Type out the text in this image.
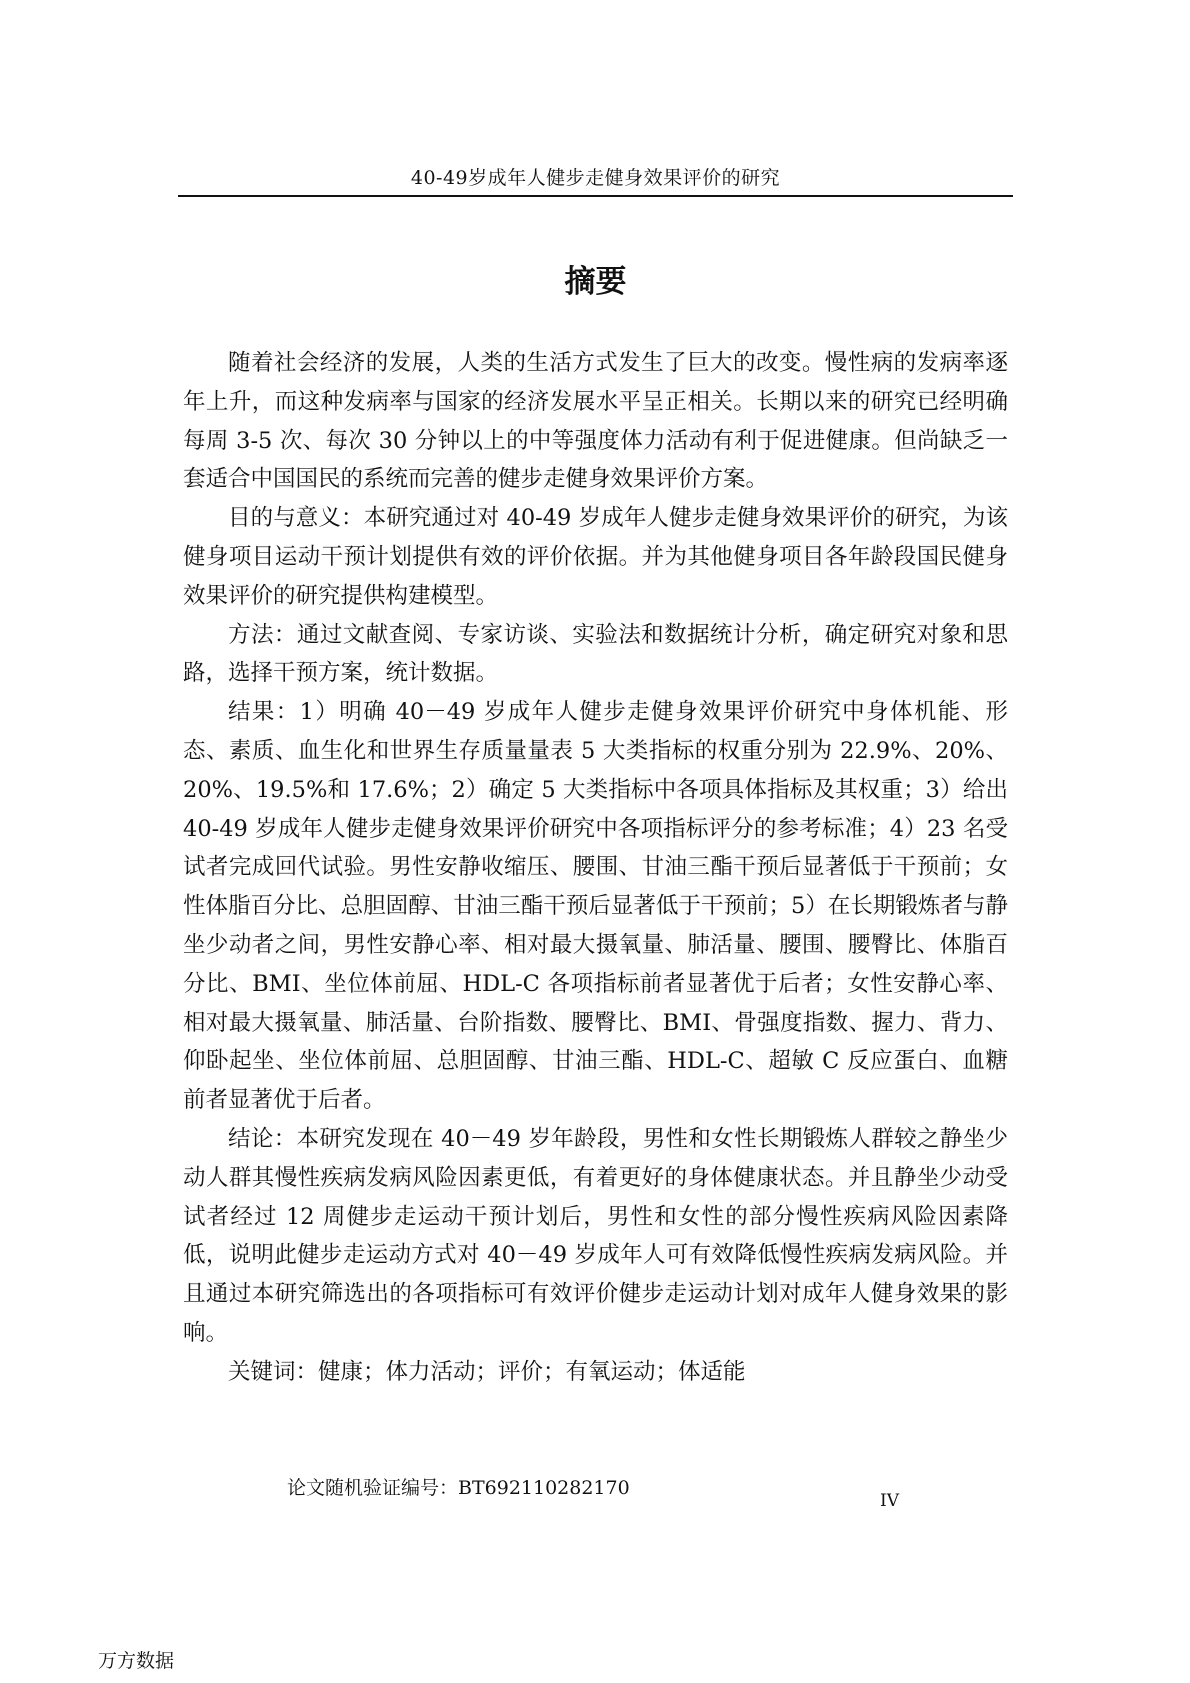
40-49岁成年人健步走健身效果评价的研究
摘要

随着社会经济的发展，人类的生活方式发生了巨大的改变。慢性病的发病率逐年上升，而这种发病率与国家的经济发展水平呈正相关。长期以来的研究已经明确每周 3-5 次、每次 30 分钟以上的中等强度体力活动有利于促进健康。但尚缺乏一套适合中国国民的系统而完善的健步走健身效果评价方案。

目的与意义：本研究通过对 40-49 岁成年人健步走健身效果评价的研究，为该健身项目运动干预计划提供有效的评价依据。并为其他健身项目各年龄段国民健身效果评价的研究提供构建模型。

方法：通过文献查阅、专家访谈、实验法和数据统计分析，确定研究对象和思路，选择干预方案，统计数据。

结果：1）明确 40－49 岁成年人健步走健身效果评价研究中身体机能、形态、素质、血生化和世界生存质量量表 5 大类指标的权重分别为 22.9%、20%、20%、19.5%和 17.6%；2）确定 5 大类指标中各项具体指标及其权重；3）给出 40-49 岁成年人健步走健身效果评价研究中各项指标评分的参考标准；4）23 名受试者完成回代试验。男性安静收缩压、腰围、甘油三酯干预后显著低于干预前；女性体脂百分比、总胆固醇、甘油三酯干预后显著低于干预前；5）在长期锻炼者与静坐少动者之间，男性安静心率、相对最大摄氧量、肺活量、腰围、腰臀比、体脂百分比、BMI、坐位体前屈、HDL-C 各项指标前者显著优于后者；女性安静心率、相对最大摄氧量、肺活量、台阶指数、腰臀比、BMI、骨强度指数、握力、背力、仰卧起坐、坐位体前屈、总胆固醇、甘油三酯、HDL-C、超敏 C 反应蛋白、血糖前者显著优于后者。

结论：本研究发现在 40－49 岁年龄段，男性和女性长期锻炼人群较之静坐少动人群其慢性疾病发病风险因素更低，有着更好的身体健康状态。并且静坐少动受试者经过 12 周健步走运动干预计划后，男性和女性的部分慢性疾病风险因素降低，说明此健步走运动方式对 40－49 岁成年人可有效降低慢性疾病发病风险。并且通过本研究筛选出的各项指标可有效评价健步走运动计划对成年人健身效果的影响。

关键词：健康；体力活动；评价；有氧运动；体适能

论文随机验证编号：BT692110282170
IV
万方数据
